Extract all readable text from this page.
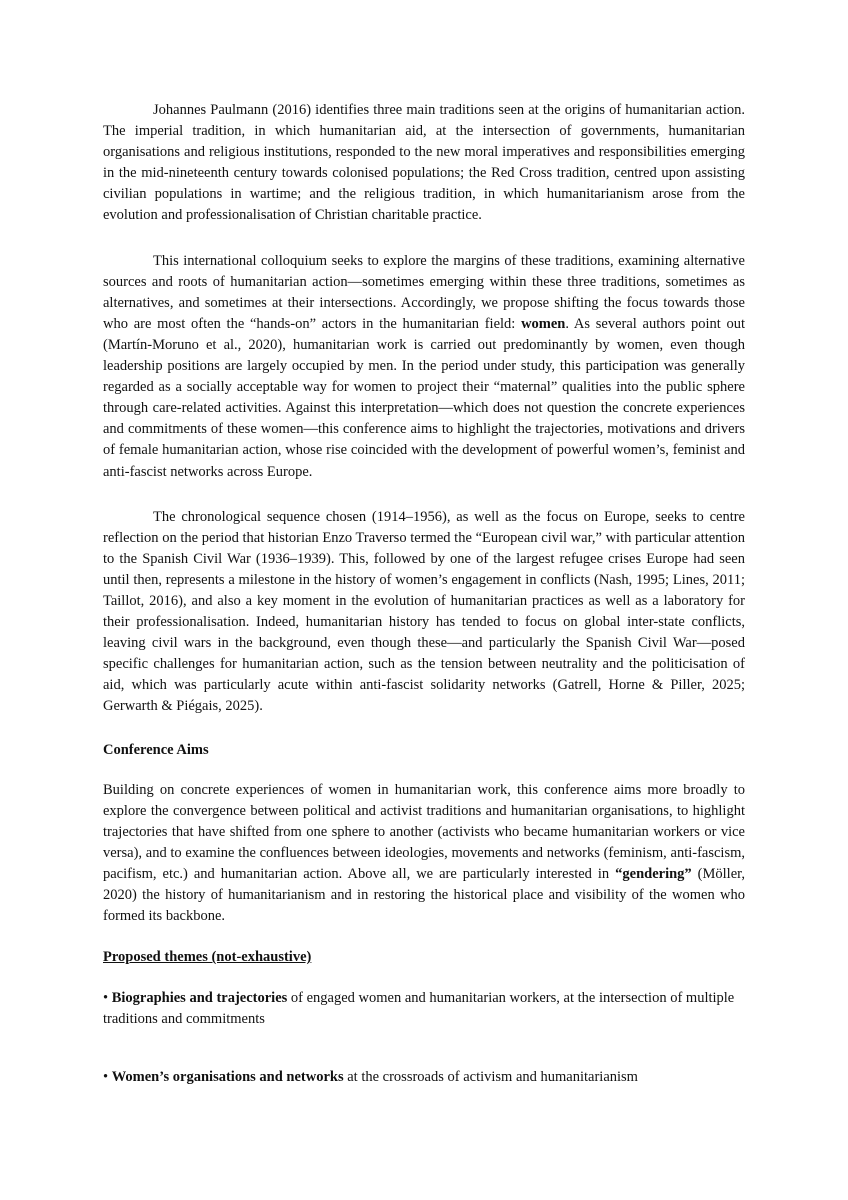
Johannes Paulmann (2016) identifies three main traditions seen at the origins of humanitarian action. The imperial tradition, in which humanitarian aid, at the intersection of governments, humanitarian organisations and religious institutions, responded to the new moral imperatives and responsibilities emerging in the mid-nineteenth century towards colonised populations; the Red Cross tradition, centred upon assisting civilian populations in wartime; and the religious tradition, in which humanitarianism arose from the evolution and professionalisation of Christian charitable practice.

This international colloquium seeks to explore the margins of these traditions, examining alternative sources and roots of humanitarian action—sometimes emerging within these three traditions, sometimes as alternatives, and sometimes at their intersections. Accordingly, we propose shifting the focus towards those who are most often the “hands-on” actors in the humanitarian field: women. As several authors point out (Martín-Moruno et al., 2020), humanitarian work is carried out predominantly by women, even though leadership positions are largely occupied by men. In the period under study, this participation was generally regarded as a socially acceptable way for women to project their “maternal” qualities into the public sphere through care-related activities. Against this interpretation—which does not question the concrete experiences and commitments of these women—this conference aims to highlight the trajectories, motivations and drivers of female humanitarian action, whose rise coincided with the development of powerful women’s, feminist and anti-fascist networks across Europe.

The chronological sequence chosen (1914–1956), as well as the focus on Europe, seeks to centre reflection on the period that historian Enzo Traverso termed the “European civil war,” with particular attention to the Spanish Civil War (1936–1939). This, followed by one of the largest refugee crises Europe had seen until then, represents a milestone in the history of women’s engagement in conflicts (Nash, 1995; Lines, 2011; Taillot, 2016), and also a key moment in the evolution of humanitarian practices as well as a laboratory for their professionalisation. Indeed, humanitarian history has tended to focus on global inter-state conflicts, leaving civil wars in the background, even though these—and particularly the Spanish Civil War—posed specific challenges for humanitarian action, such as the tension between neutrality and the politicisation of aid, which was particularly acute within anti-fascist solidarity networks (Gatrell, Horne & Piller, 2025; Gerwarth & Piégais, 2025).

Conference Aims

Building on concrete experiences of women in humanitarian work, this conference aims more broadly to explore the convergence between political and activist traditions and humanitarian organisations, to highlight trajectories that have shifted from one sphere to another (activists who became humanitarian workers or vice versa), and to examine the confluences between ideologies, movements and networks (feminism, anti-fascism, pacifism, etc.) and humanitarian action. Above all, we are particularly interested in “gendering” (Möller, 2020) the history of humanitarianism and in restoring the historical place and visibility of the women who formed its backbone.

Proposed themes (not-exhaustive)

• Biographies and trajectories of engaged women and humanitarian workers, at the intersection of multiple traditions and commitments

• Women’s organisations and networks at the crossroads of activism and humanitarianism
